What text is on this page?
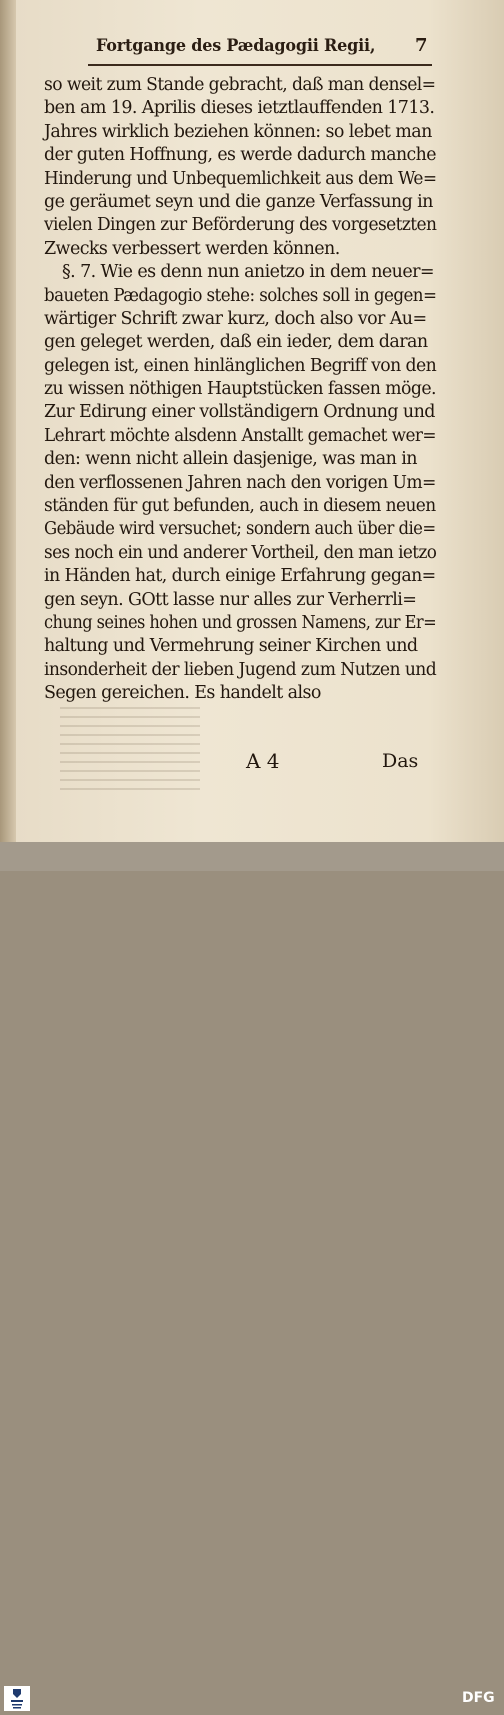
Fortgange des Pædagogii Regii,	7
so weit zum Stande gebracht, daß man densel=
ben am 19. Aprilis dieses ietztlauffenden 1713.
Jahres wirklich beziehen können: so lebet man
der guten Hoffnung, es werde dadurch manche
Hinderung und Unbequemlichkeit aus dem We=
ge geräumet seyn und die ganze Verfassung in
vielen Dingen zur Beförderung des vorgesetzten
Zwecks verbessert werden können.
§. 7. Wie es denn nun anietzo in dem neuer=
baueten Pædagogio stehe: solches soll in gegen=
wärtiger Schrift zwar kurz, doch also vor Au=
gen geleget werden, daß ein ieder, dem daran
gelegen ist, einen hinlänglichen Begriff von den
zu wissen nöthigen Hauptstücken fassen möge.
Zur Edirung einer vollständigern Ordnung und
Lehrart möchte alsdenn Anstallt gemachet wer=
den: wenn nicht allein dasjenige, was man in
den verflossenen Jahren nach den vorigen Um=
ständen für gut befunden, auch in diesem neuen
Gebäude wird versuchet; sondern auch über die=
ses noch ein und anderer Vortheil, den man ietzo
in Händen hat, durch einige Erfahrung gegan=
gen seyn. GOtt lasse nur alles zur Verherrli=
chung seines hohen und grossen Namens, zur Er=
haltung und Vermehrung seiner Kirchen und
insonderheit der lieben Jugend zum Nutzen und
Segen gereichen. Es handelt also
A 4	Das
DFG
